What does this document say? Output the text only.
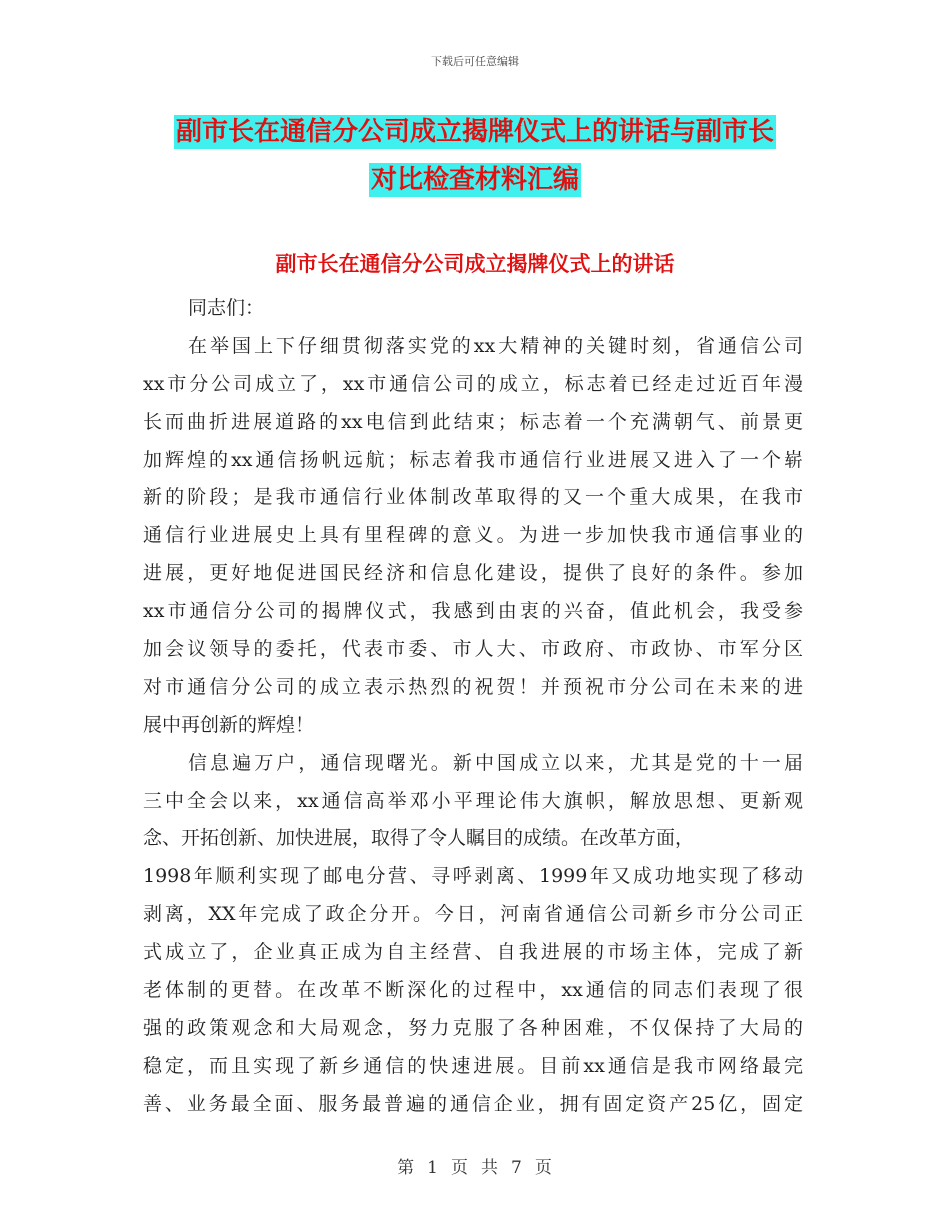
下载后可任意编辑
副市长在通信分公司成立揭牌仪式上的讲话与副市长
对比检查材料汇编
副市长在通信分公司成立揭牌仪式上的讲话
同志们：
在举国上下仔细贯彻落实党的xx大精神的关键时刻，省通信公司
xx市分公司成立了，xx市通信公司的成立，标志着已经走过近百年漫
长而曲折进展道路的xx电信到此结束；标志着一个充满朝气、前景更
加辉煌的xx通信扬帆远航；标志着我市通信行业进展又进入了一个崭
新的阶段；是我市通信行业体制改革取得的又一个重大成果，在我市
通信行业进展史上具有里程碑的意义。为进一步加快我市通信事业的
进展，更好地促进国民经济和信息化建设，提供了良好的条件。参加
xx市通信分公司的揭牌仪式，我感到由衷的兴奋，值此机会，我受参
加会议领导的委托，代表市委、市人大、市政府、市政协、市军分区
对市通信分公司的成立表示热烈的祝贺！并预祝市分公司在未来的进
展中再创新的辉煌！
信息遍万户，通信现曙光。新中国成立以来，尤其是党的十一届
三中全会以来，xx通信高举邓小平理论伟大旗帜，解放思想、更新观
念、开拓创新、加快进展，取得了令人瞩目的成绩。在改革方面，
1998年顺利实现了邮电分营、寻呼剥离、1999年又成功地实现了移动
剥离，XX年完成了政企分开。今日，河南省通信公司新乡市分公司正
式成立了，企业真正成为自主经营、自我进展的市场主体，完成了新
老体制的更替。在改革不断深化的过程中，xx通信的同志们表现了很
强的政策观念和大局观念，努力克服了各种困难，不仅保持了大局的
稳定，而且实现了新乡通信的快速进展。目前xx通信是我市网络最完
善、业务最全面、服务最普遍的通信企业，拥有固定资产25亿，固定
第 1 页 共 7 页
